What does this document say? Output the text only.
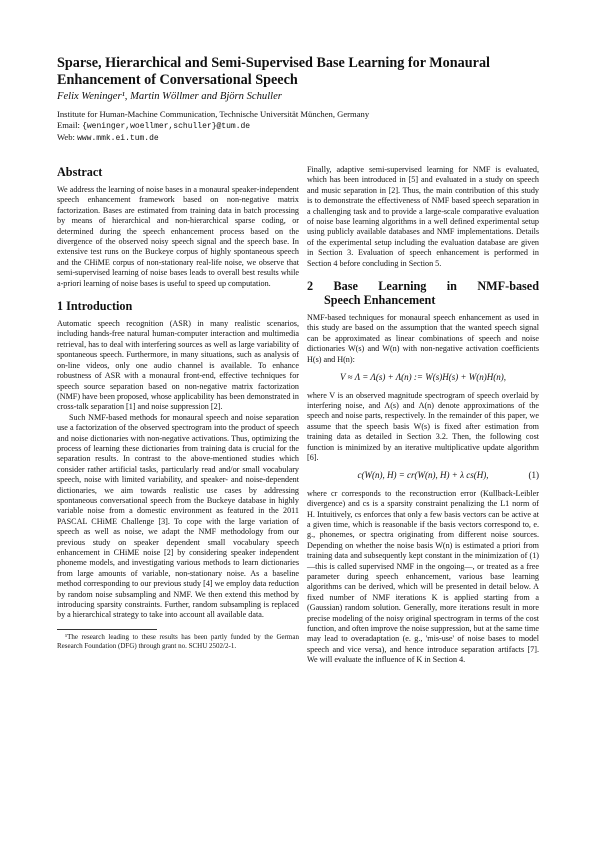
Sparse, Hierarchical and Semi-Supervised Base Learning for Monaural Enhancement of Conversational Speech
Felix Weninger¹, Martin Wöllmer and Björn Schuller
Institute for Human-Machine Communication, Technische Universität München, Germany
Email: {weninger,woellmer,schuller}@tum.de
Web: www.mmk.ei.tum.de
Abstract

We address the learning of noise bases in a monaural speaker-independent speech enhancement framework based on non-negative matrix factorization. Bases are estimated from training data in batch processing by means of hierarchical and non-hierarchical sparse coding, or determined during the speech enhancement process based on the divergence of the observed noisy speech signal and the speech base. In extensive test runs on the Buckeye corpus of highly spontaneous speech and the CHiME corpus of non-stationary real-life noise, we observe that semi-supervised learning of noise bases leads to overall best results while a-priori learning of noise bases is useful to speed up computation.

1 Introduction

Automatic speech recognition (ASR) in many realistic scenarios, including hands-free natural human-computer interaction and multimedia retrieval, has to deal with interfering sources as well as large variability of spontaneous speech. Furthermore, in many situations, such as analysis of on-line videos, only one audio channel is available. To enhance robustness of ASR with a monaural front-end, effective techniques for speech source separation based on non-negative matrix factorization (NMF) have been proposed, whose applicability has been demonstrated in cross-talk separation [1] and noise suppression [2].

Such NMF-based methods for monaural speech and noise separation use a factorization of the observed spectrogram into the product of speech and noise dictionaries with non-negative activations. Thus, optimizing the process of learning these dictionaries from training data is crucial for the separation results. In contrast to the above-mentioned studies which consider rather artificial tasks, particularly read and/or small vocabulary speech, noise with limited variability, and speaker- and noise-dependent dictionaries, we aim towards realistic use cases by addressing spontaneous conversational speech from the Buckeye database in highly variable noise from a domestic environment as featured in the 2011 PASCAL CHiME Challenge [3]. To cope with the large variation of speech as well as noise, we adapt the NMF methodology from our previous study on speaker dependent small vocabulary speech enhancement in CHiME noise [2] by considering speaker independent phoneme models, and investigating various methods to learn dictionaries from large amounts of variable, non-stationary noise. As a baseline method corresponding to our previous study [4] we employ data reduction by random noise subsampling and NMF. We then extend this method by introducing sparsity constraints. Further, random subsampling is replaced by a hierarchical strategy to take into account all available data.

¹The research leading to these results has been partly funded by the German Research Foundation (DFG) through grant no. SCHU 2502/2-1.

Finally, adaptive semi-supervised learning for NMF is evaluated, which has been introduced in [5] and evaluated in a study on speech and music separation in [2]. Thus, the main contribution of this study is to demonstrate the effectiveness of NMF based speech separation in a challenging task and to provide a large-scale comparative evaluation of noise base learning algorithms in a well defined experimental setup using publicly available databases and NMF implementations. Details of the experimental setup including the evaluation database are given in Section 3. Evaluation of speech enhancement is performed in Section 4 before concluding in Section 5.

2 Base Learning in NMF-based
Speech Enhancement

NMF-based techniques for monaural speech enhancement as used in this study are based on the assumption that the wanted speech signal can be approximated as linear combinations of speech and noise dictionaries W(s) and W(n) with non-negative activation coefficients H(s) and H(n):

V ≈ Λ = Λ(s) + Λ(n) := W(s)H(s) + W(n)H(n),

where V is an observed magnitude spectrogram of speech overlaid by interfering noise, and Λ(s) and Λ(n) denote approximations of the speech and noise parts, respectively. In the remainder of this paper, we assume that the speech basis W(s) is fixed after estimation from training data as detailed in Section 3.2. Then, the following cost function is minimized by an iterative multiplicative update algorithm [6].

c(W(n), H) = cr(W(n), H) + λ cs(H),	(1)

where cr corresponds to the reconstruction error (Kullback-Leibler divergence) and cs is a sparsity constraint penalizing the L1 norm of H. Intuitively, cs enforces that only a few basis vectors can be active at a given time, which is reasonable if the basis vectors correspond to, e. g., phonemes, or spectra originating from different noise sources. Depending on whether the noise basis W(n) is estimated a priori from training data and subsequently kept constant in the minimization of (1)—this is called supervised NMF in the ongoing—, or treated as a free parameter during speech enhancement, various base learning algorithms can be derived, which will be presented in detail below. A fixed number of NMF iterations K is applied starting from a (Gaussian) random solution. Generally, more iterations result in more precise modeling of the noisy original spectrogram in terms of the cost function, and often improve the noise suppression, but at the same time may lead to overadaptation (e. g., 'mis-use' of noise bases to model speech and vice versa), and hence introduce separation artifacts [7]. We will evaluate the influence of K in Section 4.
